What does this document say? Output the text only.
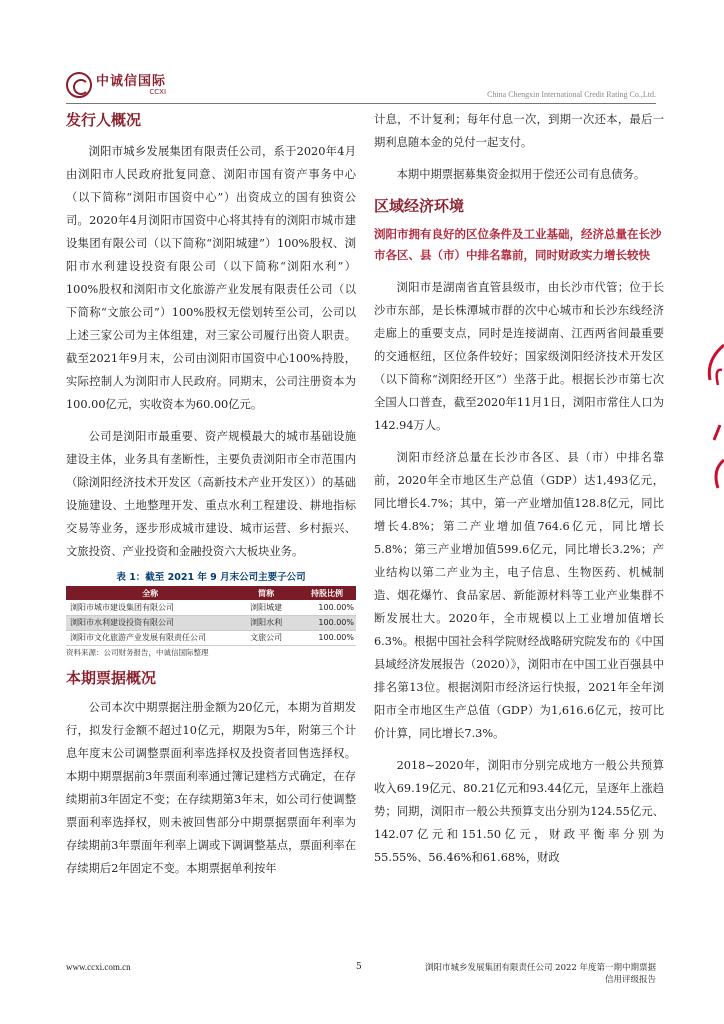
中诚信国际
CCXI	China Chengxin International Credit Rating Co.,Ltd.
发行人概况

浏阳市城乡发展集团有限责任公司，系于2020年4月由浏阳市人民政府批复同意、浏阳市国有资产事务中心（以下简称“浏阳市国资中心”）出资成立的国有独资公司。2020年4月浏阳市国资中心将其持有的浏阳市城市建设集团有限公司（以下简称“浏阳城建”）100%股权、浏阳市水利建设投资有限公司（以下简称“浏阳水利”）100%股权和浏阳市文化旅游产业发展有限责任公司（以下简称“文旅公司”）100%股权无偿划转至公司，公司以上述三家公司为主体组建，对三家公司履行出资人职责。截至2021年9月末，公司由浏阳市国资中心100%持股，实际控制人为浏阳市人民政府。同期末，公司注册资本为100.00亿元，实收资本为60.00亿元。

公司是浏阳市最重要、资产规模最大的城市基础设施建设主体，业务具有垄断性，主要负责浏阳市全市范围内（除浏阳经济技术开发区（高新技术产业开发区））的基础设施建设、土地整理开发、重点水利工程建设、耕地指标交易等业务，逐步形成城市建设、城市运营、乡村振兴、文旅投资、产业投资和金融投资六大板块业务。

表 1：截至 2021 年 9 月末公司主要子公司
全称	简称	持股比例
浏阳市城市建设集团有限公司	浏阳城建	100.00%
浏阳市水利建设投资有限公司	浏阳水利	100.00%
浏阳市文化旅游产业发展有限责任公司	文旅公司	100.00%
资料来源：公司财务报告，中诚信国际整理
本期票据概况

公司本次中期票据注册金额为20亿元，本期为首期发行，拟发行金额不超过10亿元，期限为5年，附第三个计息年度末公司调整票面利率选择权及投资者回售选择权。本期中期票据前3年票面利率通过簿记建档方式确定，在存续期前3年固定不变；在存续期第3年末，如公司行使调整票面利率选择权，则未被回售部分中期票据票面年利率为存续期前3年票面年利率上调或下调调整基点，票面利率在存续期后2年固定不变。本期票据单利按年

计息，不计复利；每年付息一次，到期一次还本，最后一期利息随本金的兑付一起支付。

本期中期票据募集资金拟用于偿还公司有息债务。

区域经济环境
浏阳市拥有良好的区位条件及工业基础，经济总量在长沙市各区、县（市）中排名靠前，同时财政实力增长较快

浏阳市是湖南省直管县级市，由长沙市代管；位于长沙市东部，是长株潭城市群的次中心城市和长沙东线经济走廊上的重要支点，同时是连接湖南、江西两省间最重要的交通枢纽，区位条件较好；国家级浏阳经济技术开发区（以下简称“浏阳经开区”）坐落于此。根据长沙市第七次全国人口普查，截至2020年11月1日，浏阳市常住人口为142.94万人。

浏阳市经济总量在长沙市各区、县（市）中排名靠前，2020年全市地区生产总值（GDP）达1,493亿元，同比增长4.7%；其中，第一产业增加值128.8亿元，同比增长4.8%；第二产业增加值764.6亿元，同比增长5.8%；第三产业增加值599.6亿元，同比增长3.2%；产业结构以第二产业为主，电子信息、生物医药、机械制造、烟花爆竹、食品家居、新能源材料等工业产业集群不断发展壮大。2020年，全市规模以上工业增加值增长6.3%。根据中国社会科学院财经战略研究院发布的《中国县域经济发展报告（2020）》，浏阳市在中国工业百强县中排名第13位。根据浏阳市经济运行快报，2021年全年浏阳市全市地区生产总值（GDP）为1,616.6亿元，按可比价计算，同比增长7.3%。

2018~2020年，浏阳市分别完成地方一般公共预算收入69.19亿元、80.21亿元和93.44亿元，呈逐年上涨趋势；同期，浏阳市一般公共预算支出分别为124.55亿元、142.07亿元和151.50亿元，财政平衡率分别为55.55%、56.46%和61.68%，财政

www.ccxi.com.cn	5	浏阳市城乡发展集团有限责任公司 2022 年度第一期中期票据
信用评级报告
